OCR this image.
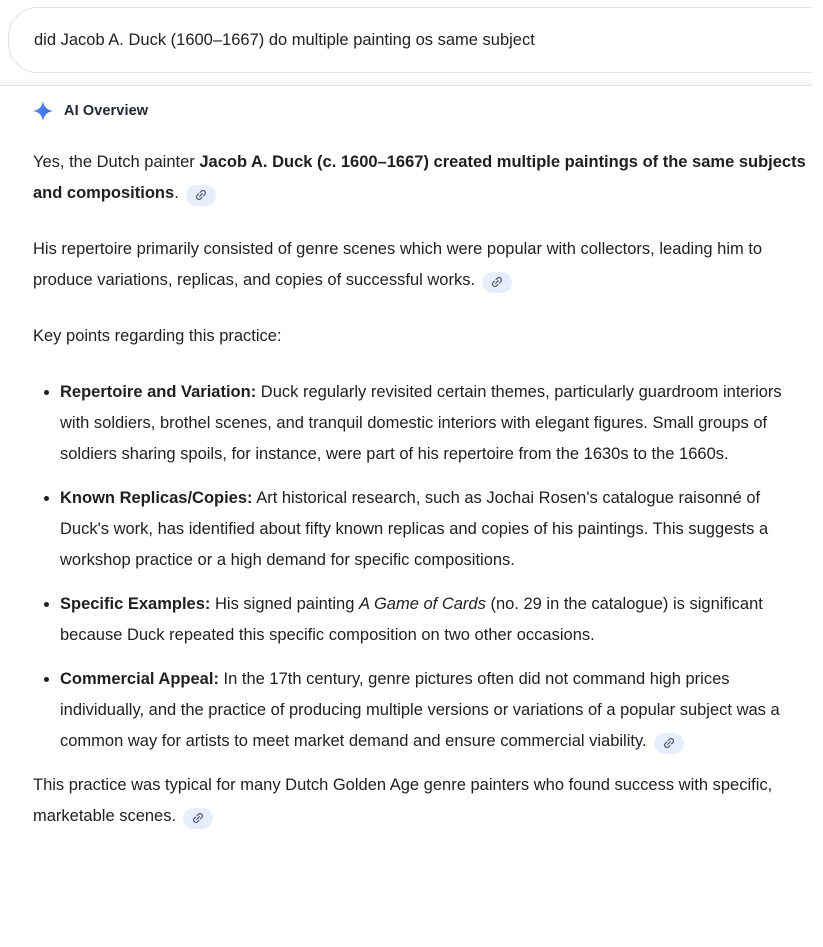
did Jacob A. Duck (1600–1667) do multiple painting os same subject
AI Overview

Yes, the Dutch painter Jacob A. Duck (c. 1600–1667) created multiple paintings of the same subjects and compositions.

His repertoire primarily consisted of genre scenes which were popular with collectors, leading him to produce variations, replicas, and copies of successful works.

Key points regarding this practice:

• Repertoire and Variation: Duck regularly revisited certain themes, particularly guardroom interiors with soldiers, brothel scenes, and tranquil domestic interiors with elegant figures. Small groups of soldiers sharing spoils, for instance, were part of his repertoire from the 1630s to the 1660s.
• Known Replicas/Copies: Art historical research, such as Jochai Rosen's catalogue raisonné of Duck's work, has identified about fifty known replicas and copies of his paintings. This suggests a workshop practice or a high demand for specific compositions.
• Specific Examples: His signed painting A Game of Cards (no. 29 in the catalogue) is significant because Duck repeated this specific composition on two other occasions.
• Commercial Appeal: In the 17th century, genre pictures often did not command high prices individually, and the practice of producing multiple versions or variations of a popular subject was a common way for artists to meet market demand and ensure commercial viability.

This practice was typical for many Dutch Golden Age genre painters who found success with specific, marketable scenes.
